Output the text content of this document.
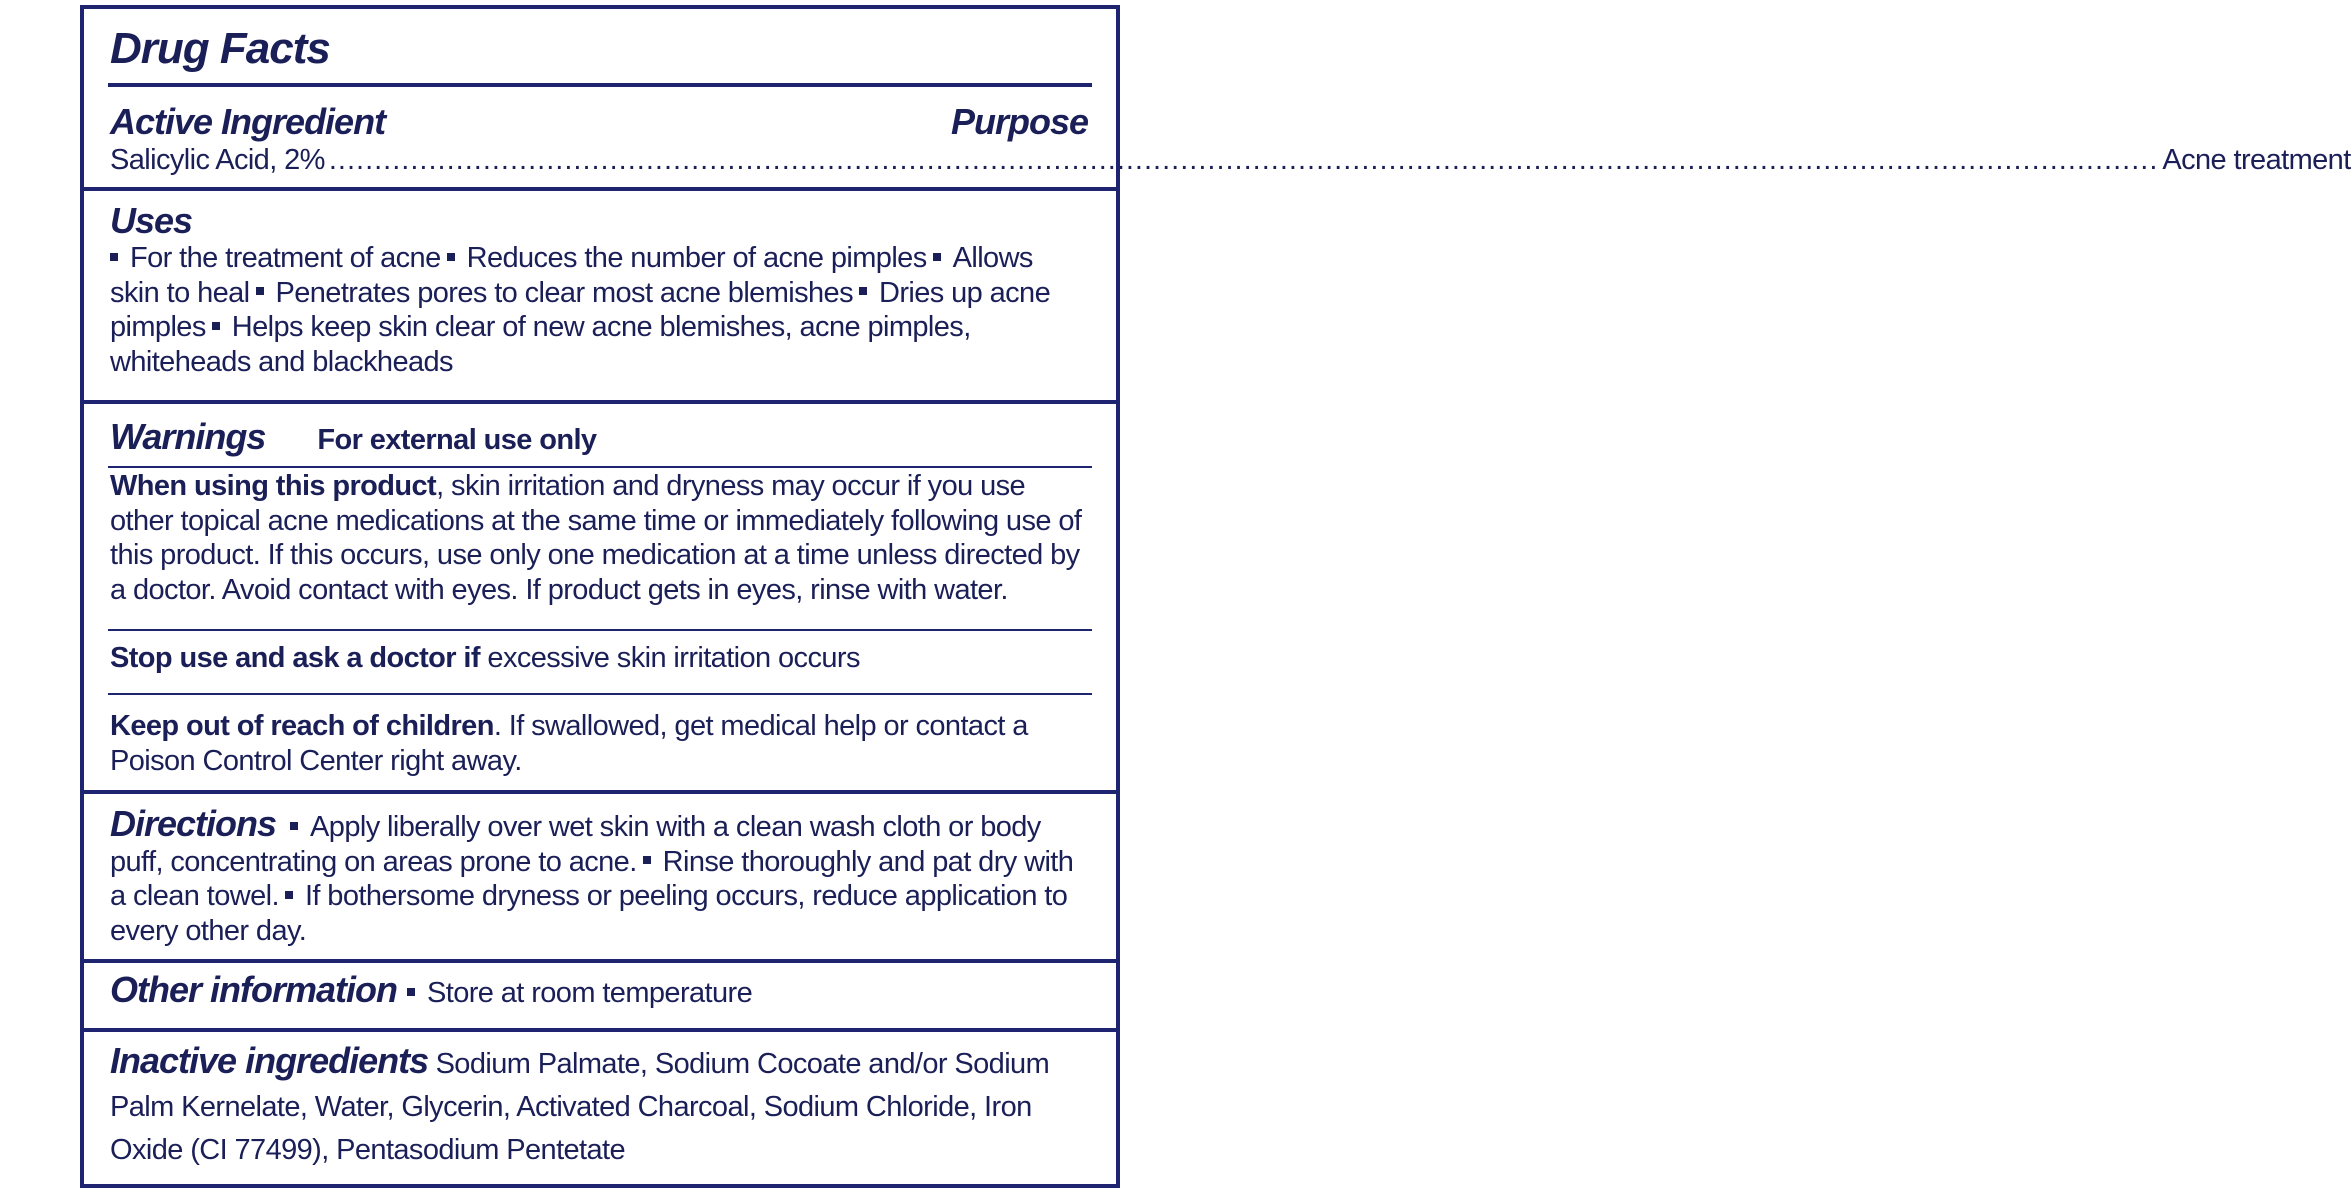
Drug Facts
Active Ingredient	Purpose
Salicylic Acid, 2% .......................................................................................................................................................................................................... Acne treatment
Uses
For the treatment of acne Reduces the number of acne pimples Allows skin to heal Penetrates pores to clear most acne blemishes Dries up acne pimples Helps keep skin clear of new acne blemishes, acne pimples, whiteheads and blackheads
Warnings For external use only
When using this product, skin irritation and dryness may occur if you use other topical acne medications at the same time or immediately following use of this product. If this occurs, use only one medication at a time unless directed by a doctor. Avoid contact with eyes. If product gets in eyes, rinse with water.
Stop use and ask a doctor if excessive skin irritation occurs
Keep out of reach of children. If swallowed, get medical help or contact a Poison Control Center right away.
Directions Apply liberally over wet skin with a clean wash cloth or body puff, concentrating on areas prone to acne. Rinse thoroughly and pat dry with a clean towel. If bothersome dryness or peeling occurs, reduce application to every other day.
Other information Store at room temperature
Inactive ingredients Sodium Palmate, Sodium Cocoate and/or Sodium Palm Kernelate, Water, Glycerin, Activated Charcoal, Sodium Chloride, Iron Oxide (CI 77499), Pentasodium Pentetate
